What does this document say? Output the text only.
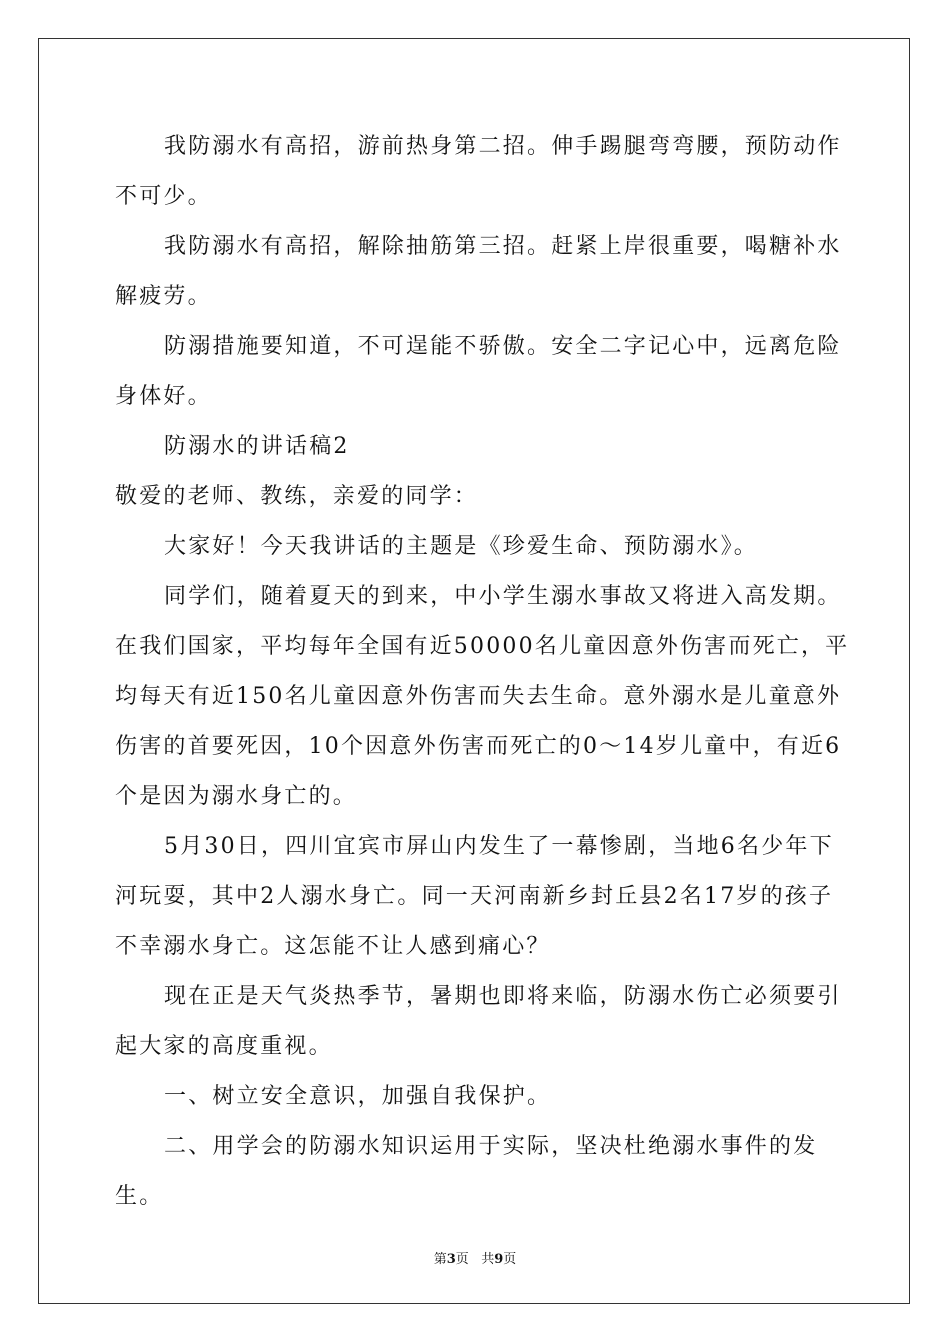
我防溺水有高招，游前热身第二招。伸手踢腿弯弯腰，预防动作不可少。

我防溺水有高招，解除抽筋第三招。赶紧上岸很重要，喝糖补水解疲劳。

防溺措施要知道，不可逞能不骄傲。安全二字记心中，远离危险身体好。

防溺水的讲话稿2

敬爱的老师、教练，亲爱的同学：

大家好！今天我讲话的主题是《珍爱生命、预防溺水》。

同学们，随着夏天的到来，中小学生溺水事故又将进入高发期。在我们国家，平均每年全国有近50000名儿童因意外伤害而死亡，平均每天有近150名儿童因意外伤害而失去生命。意外溺水是儿童意外伤害的首要死因，10个因意外伤害而死亡的0～14岁儿童中，有近6个是因为溺水身亡的。

5月30日，四川宜宾市屏山内发生了一幕惨剧，当地6名少年下河玩耍，其中2人溺水身亡。同一天河南新乡封丘县2名17岁的孩子不幸溺水身亡。这怎能不让人感到痛心？

现在正是天气炎热季节，暑期也即将来临，防溺水伤亡必须要引起大家的高度重视。

一、树立安全意识，加强自我保护。

二、用学会的防溺水知识运用于实际，坚决杜绝溺水事件的发生。

第3页 共9页
